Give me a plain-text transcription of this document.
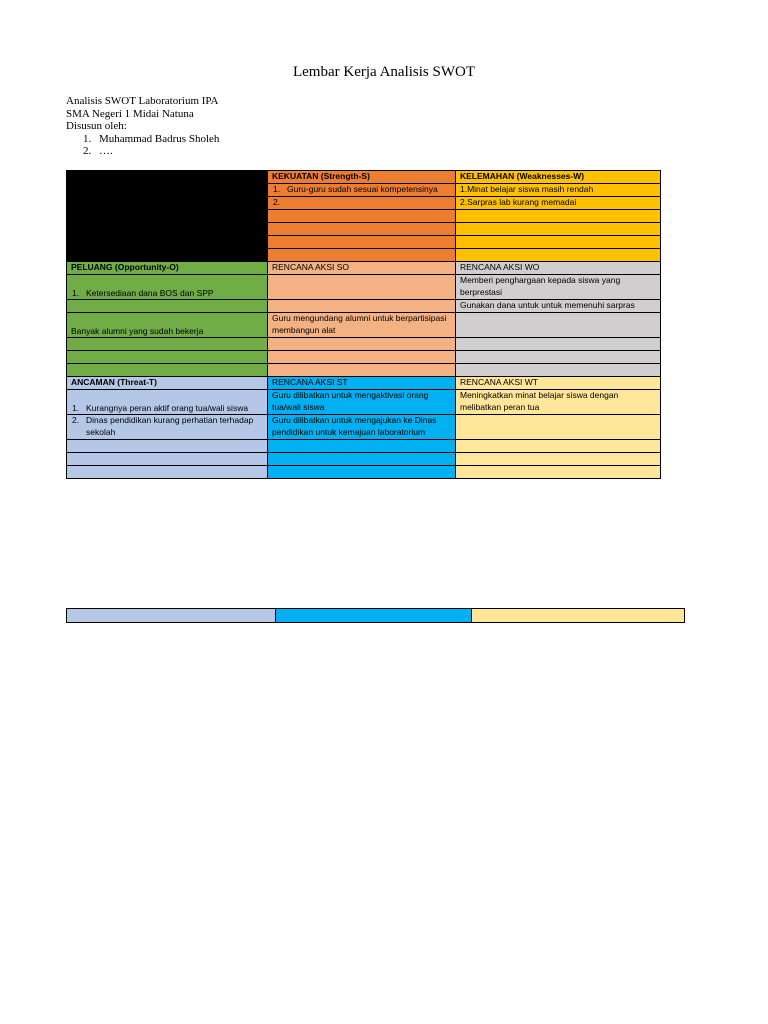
Lembar Kerja Analisis SWOT
Analisis SWOT Laboratorium IPA
SMA Negeri 1 Midai Natuna
Disusun oleh:
1. Muhammad Badrus Sholeh
2. ….
	KEKUATAN (Strength-S)	KELEMAHAN (Weaknesses-W)
	1. Guru-guru sudah sesuai kompetensinya	1.Minat belajar siswa masih rendah
	2.	2.Sarpras lab kurang memadai

PELUANG (Opportunity-O)	RENCANA AKSI SO	RENCANA AKSI WO
1. Ketersediaan dana BOS dan SPP		Memberi penghargaan kepada siswa yang berprestasi
		Gunakan dana untuk untuk memenuhi sarpras
Banyak alumni yang sudah bekerja	Guru mengundang alumni untuk berpartisipasi membangun alat	

ANCAMAN (Threat-T)	RENCANA AKSI ST	RENCANA AKSI WT
1. Kurangnya peran aktif orang tua/wali siswa	Guru dilibatkan untuk mengaktivasi orang tua/wali siswa	Meningkatkan minat belajar siswa dengan melibatkan peran tua
2. Dinas pendidikan kurang perhatian terhadap sekolah	Guru dilibatkan untuk mengajukan ke Dinas pendidikan untuk kemajuan laboratorium	
